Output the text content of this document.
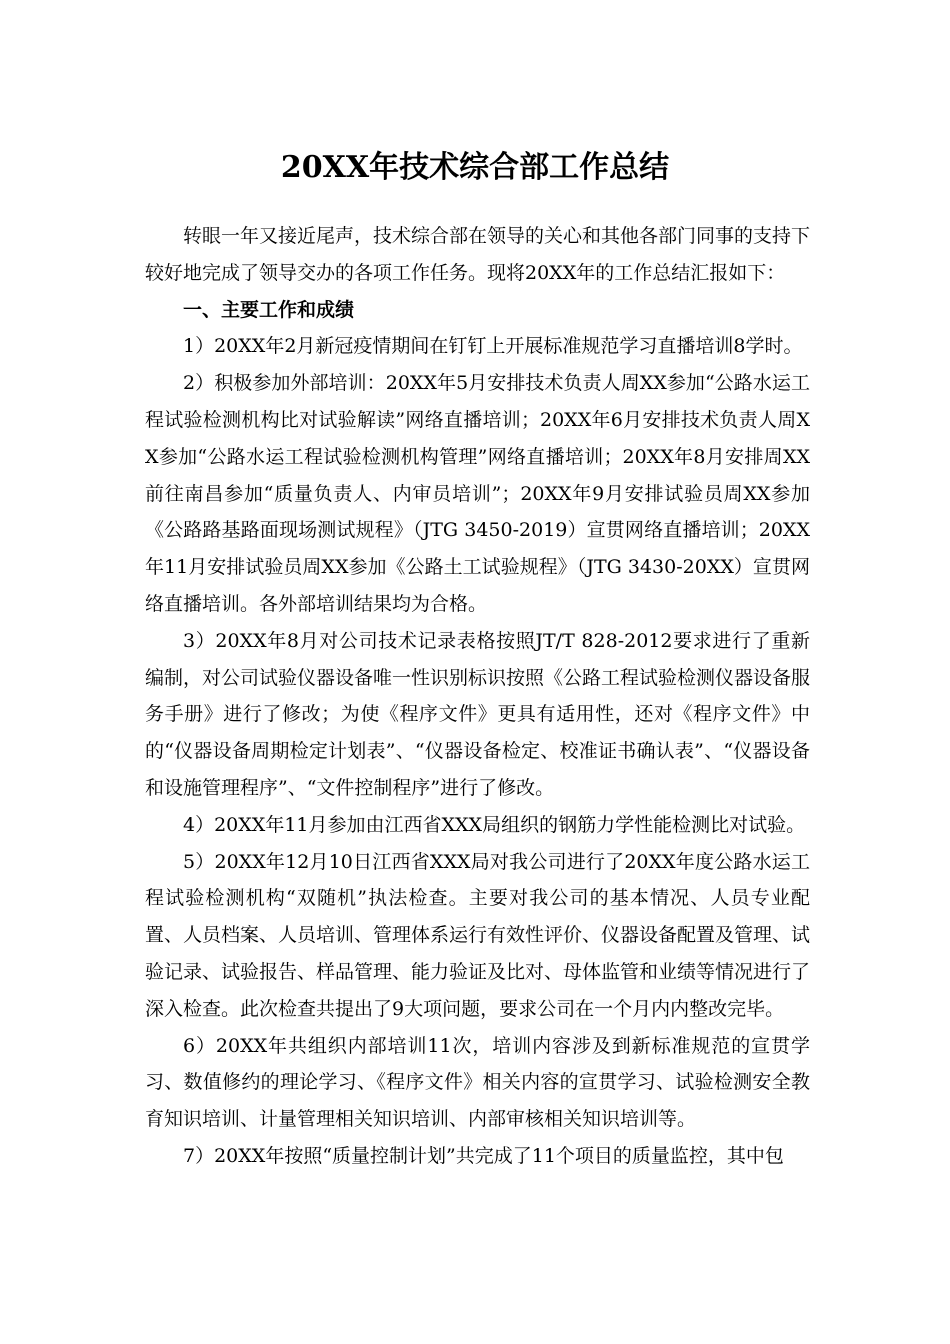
20XX年技术综合部工作总结

转眼一年又接近尾声，技术综合部在领导的关心和其他各部门同事的支持下较好地完成了领导交办的各项工作任务。现将20XX年的工作总结汇报如下：

一、主要工作和成绩

1）20XX年2月新冠疫情期间在钉钉上开展标准规范学习直播培训8学时。

2）积极参加外部培训：20XX年5月安排技术负责人周XX参加“公路水运工程试验检测机构比对试验解读”网络直播培训；20XX年6月安排技术负责人周XX参加“公路水运工程试验检测机构管理”网络直播培训；20XX年8月安排周XX前往南昌参加“质量负责人、内审员培训”；20XX年9月安排试验员周XX参加《公路路基路面现场测试规程》（JTG 3450-2019）宣贯网络直播培训；20XX年11月安排试验员周XX参加《公路土工试验规程》（JTG 3430-20XX）宣贯网络直播培训。各外部培训结果均为合格。

3）20XX年8月对公司技术记录表格按照JT/T 828-2012要求进行了重新编制，对公司试验仪器设备唯一性识别标识按照《公路工程试验检测仪器设备服务手册》进行了修改；为使《程序文件》更具有适用性，还对《程序文件》中的“仪器设备周期检定计划表”、“仪器设备检定、校准证书确认表”、“仪器设备和设施管理程序”、“文件控制程序”进行了修改。

4）20XX年11月参加由江西省XXX局组织的钢筋力学性能检测比对试验。

5）20XX年12月10日江西省XXX局对我公司进行了20XX年度公路水运工程试验检测机构“双随机”执法检查。主要对我公司的基本情况、人员专业配置、人员档案、人员培训、管理体系运行有效性评价、仪器设备配置及管理、试验记录、试验报告、样品管理、能力验证及比对、母体监管和业绩等情况进行了深入检查。此次检查共提出了9大项问题，要求公司在一个月内内整改完毕。

6）20XX年共组织内部培训11次，培训内容涉及到新标准规范的宣贯学习、数值修约的理论学习、《程序文件》相关内容的宣贯学习、试验检测安全教育知识培训、计量管理相关知识培训、内部审核相关知识培训等。

7）20XX年按照“质量控制计划”共完成了11个项目的质量监控，其中包
